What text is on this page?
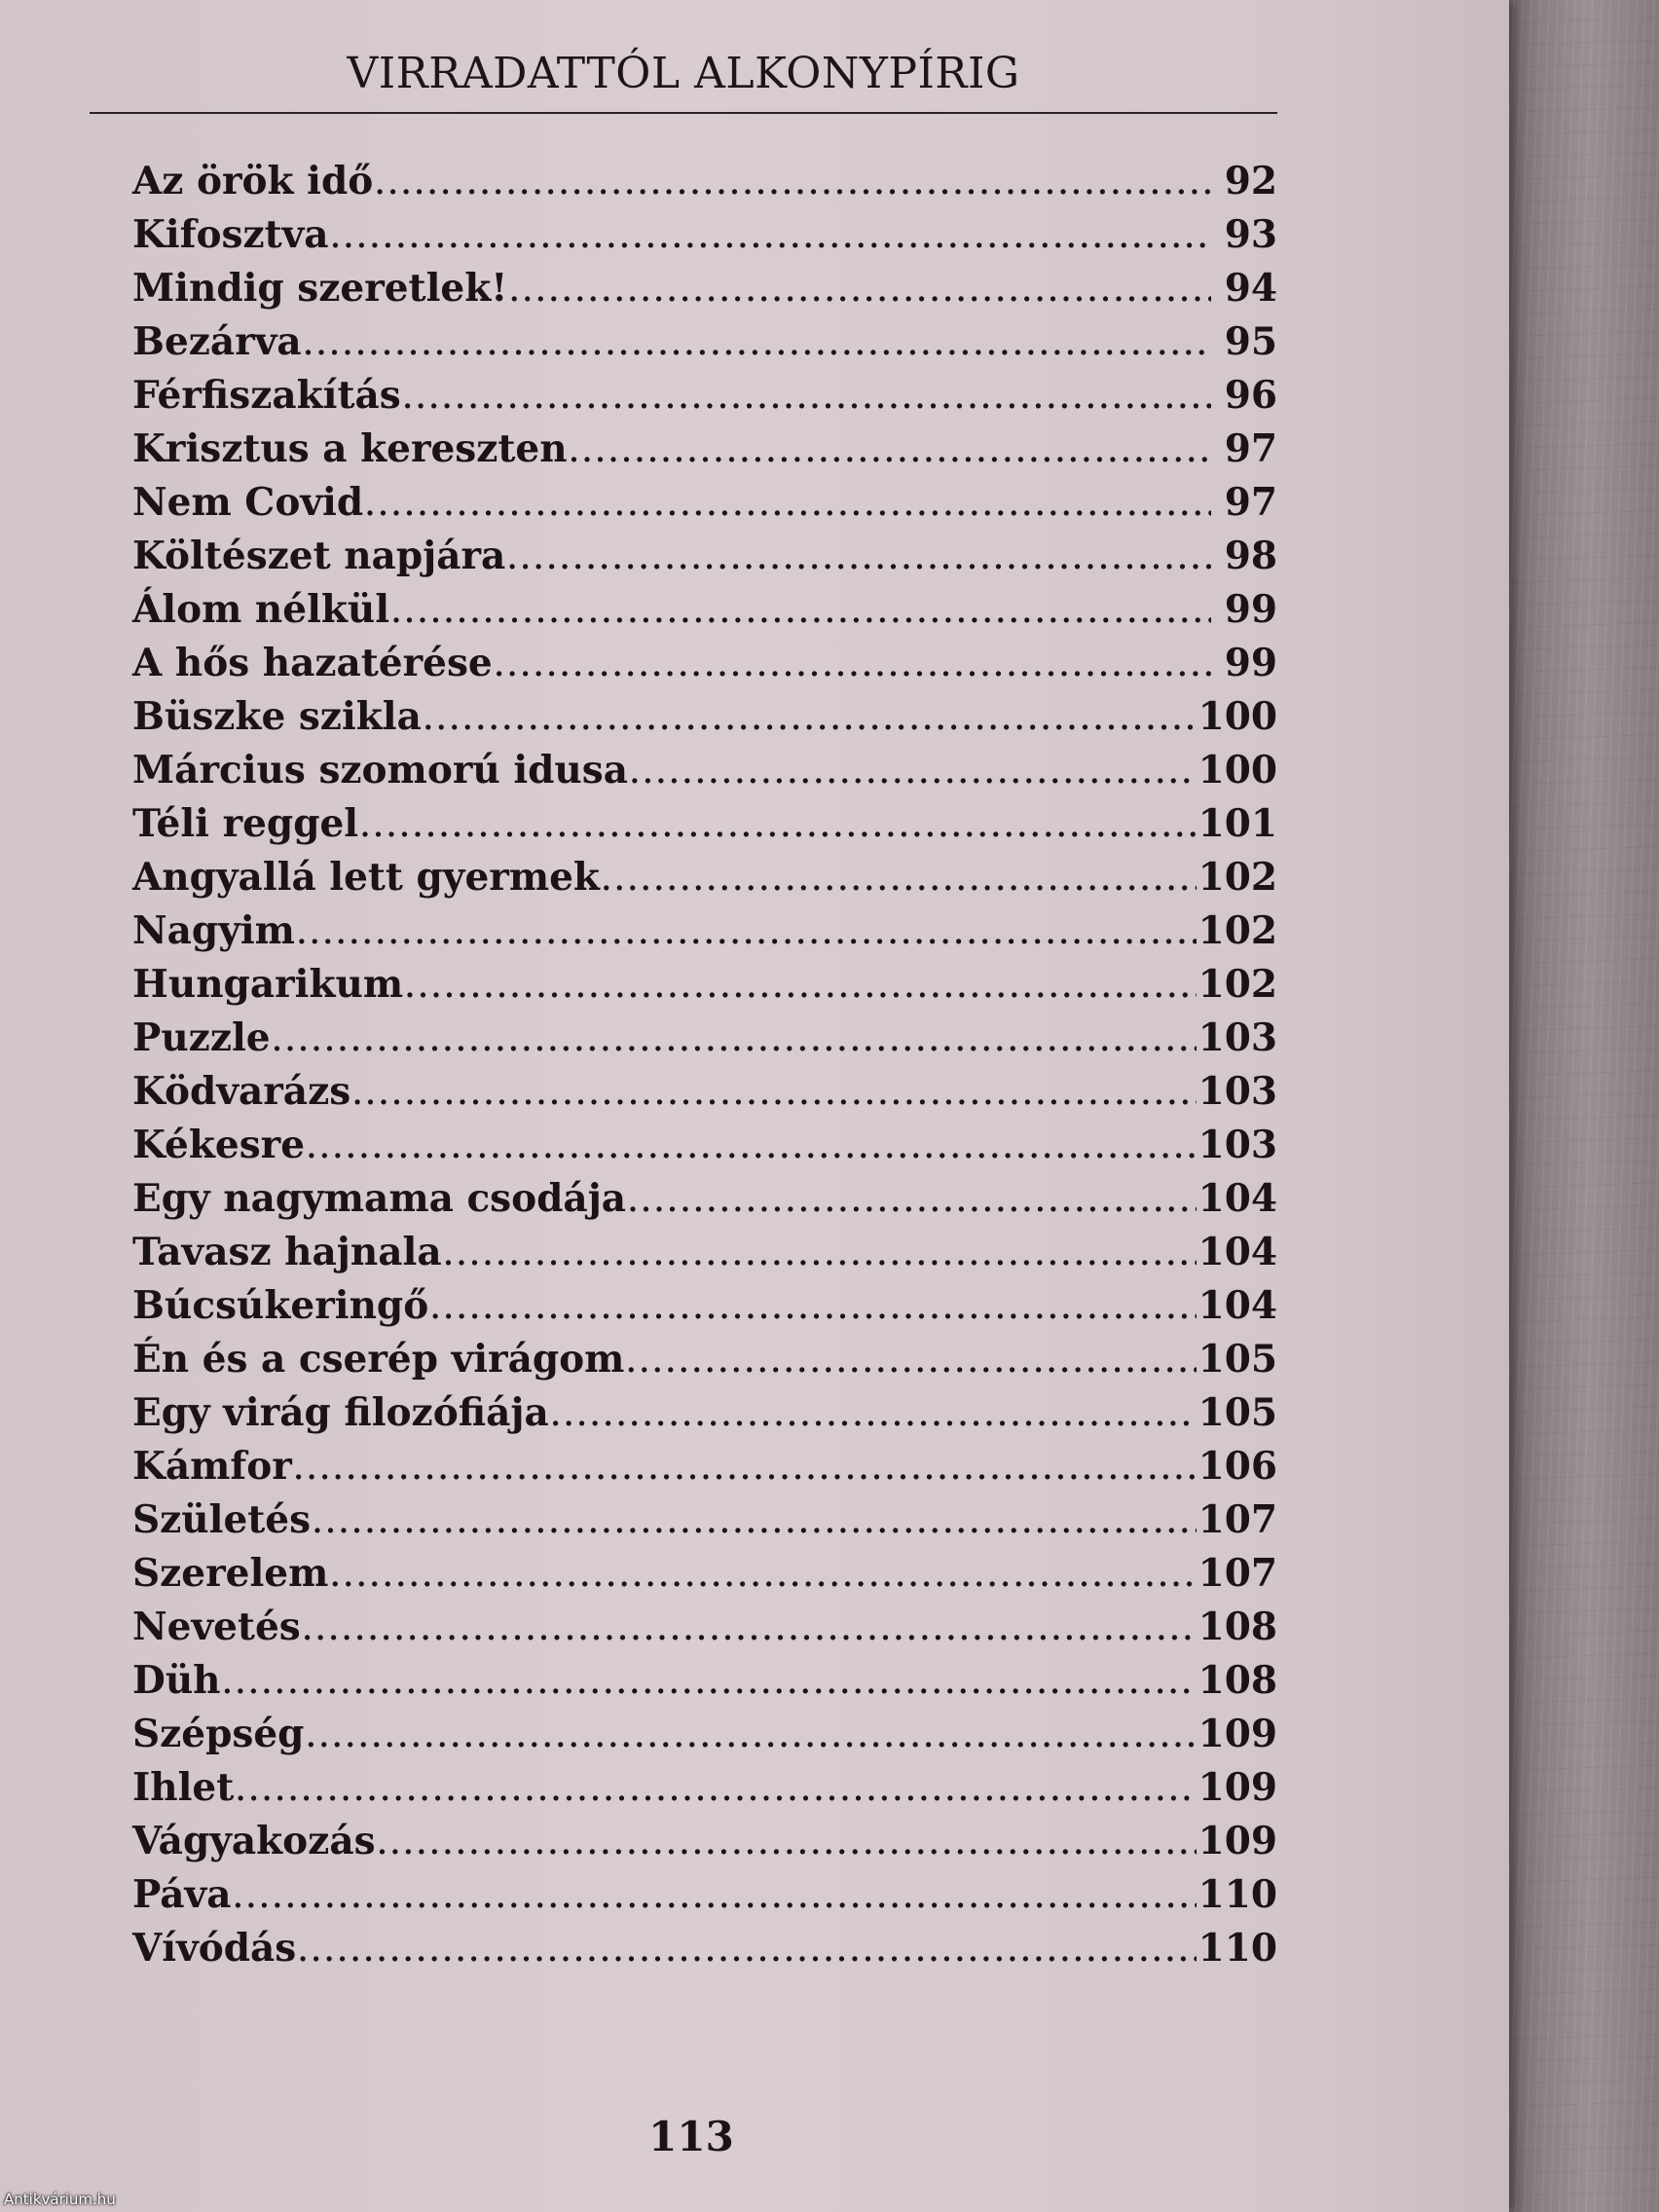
VIRRADATTÓL ALKONYPÍRIG
Az örök idő . . .	92
Kifosztva . . .	93
Mindig szeretlek! . . .	94
Bezárva . . .	95
Férfiszakítás . . .	96
Krisztus a kereszten . . .	97
Nem Covid . . .	97
Költészet napjára . . .	98
Álom nélkül . . .	99
A hős hazatérése . . .	99
Büszke szikla . . .	100
Március szomorú idusa . . .	100
Téli reggel . . .	101
Angyallá lett gyermek . . .	102
Nagyim . . .	102
Hungarikum . . .	102
Puzzle . . .	103
Ködvarázs . . .	103
Kékesre . . .	103
Egy nagymama csodája . . .	104
Tavasz hajnala . . .	104
Búcsúkeringő . . .	104
Én és a cserép virágom . . .	105
Egy virág filozófiája . . .	105
Kámfor . . .	106
Születés . . .	107
Szerelem . . .	107
Nevetés . . .	108
Düh . . .	108
Szépség . . .	109
Ihlet . . .	109
Vágyakozás . . .	109
Páva . . .	110
Vívódás . . .	110
113
Antikvárium.hu
